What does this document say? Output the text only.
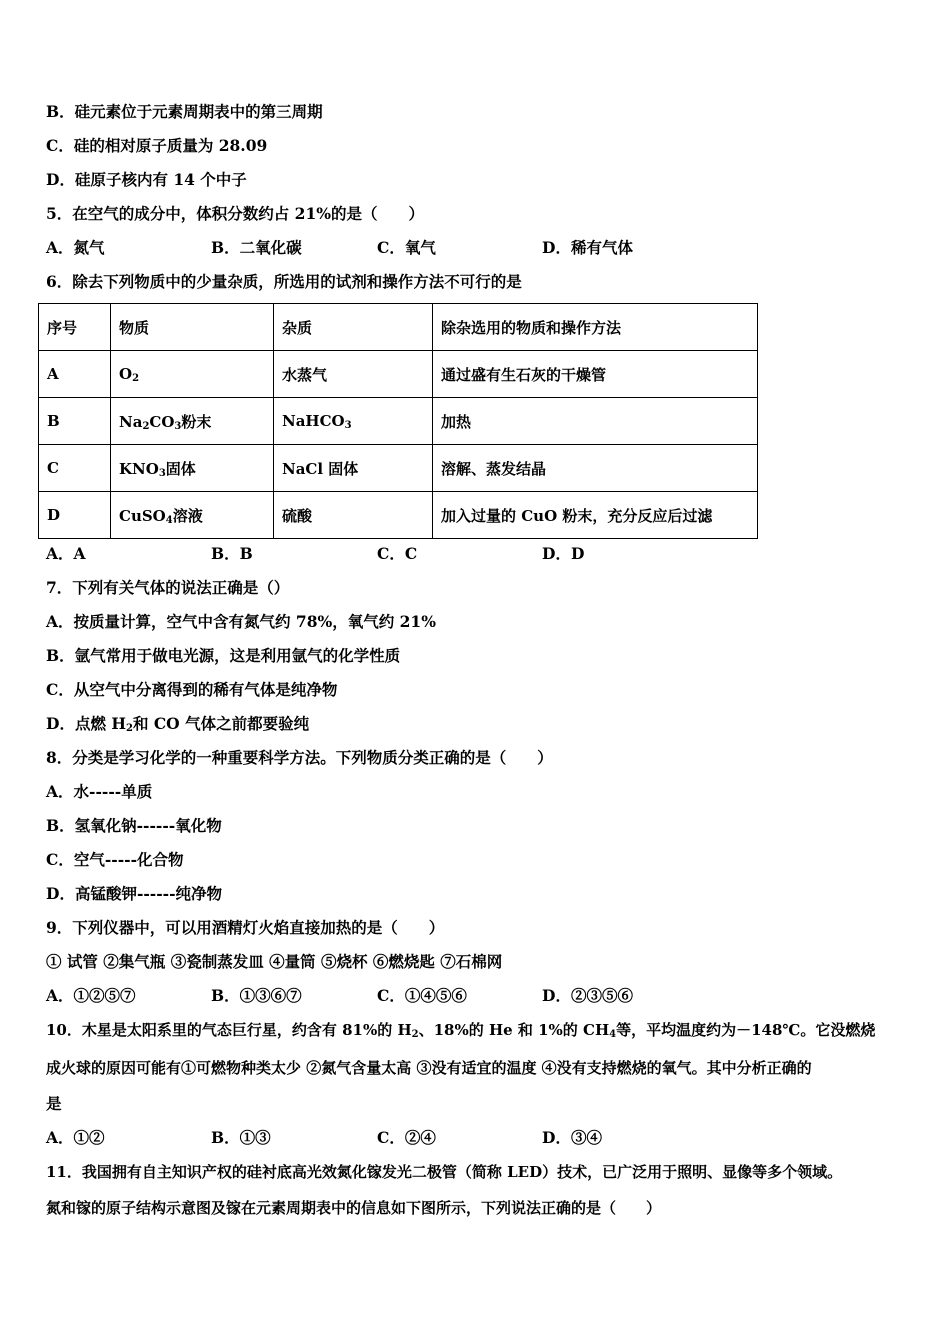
B．硅元素位于元素周期表中的第三周期
C．硅的相对原子质量为 28.09
D．硅原子核内有 14 个中子
5．在空气的成分中，体积分数约占 21%的是（　　）
A．氮气	B．二氧化碳	C．氧气	D．稀有气体
6．除去下列物质中的少量杂质，所选用的试剂和操作方法不可行的是
序号	物质	杂质	除杂选用的物质和操作方法
A	$O_2$	水蒸气	通过盛有生石灰的干燥管
B	$Na_2CO_3$粉末	NaHCO$_3$	加热
C	$KNO_3$固体	NaCl 固体	溶解、蒸发结晶
D	CuSO$_4$溶液	硫酸	加入过量的 CuO 粉末，充分反应后过滤
A．A	B．B	C．C	D．D
7．下列有关气体的说法正确是（）
A．按质量计算，空气中含有氮气约 78%，氧气约 21%
B．氩气常用于做电光源，这是利用氩气的化学性质
C．从空气中分离得到的稀有气体是纯净物
D．点燃 $H_2$和 CO 气体之前都要验纯
8．分类是学习化学的一种重要科学方法。下列物质分类正确的是（　　）
A．水-----单质
B．氢氧化钠------氧化物
C．空气-----化合物
D．高锰酸钾------纯净物
9．下列仪器中，可以用酒精灯火焰直接加热的是（　　）
① 试管 ②集气瓶 ③瓷制蒸发皿 ④量筒 ⑤烧杯 ⑥燃烧匙 ⑦石棉网
A．①②⑤⑦	B．①③⑥⑦	C．①④⑤⑥	D．②③⑤⑥
10．木星是太阳系里的气态巨行星，约含有 81%的 $H_2$、18%的 He 和 1%的 $CH_4$等，平均温度约为－148℃。它没燃烧
成火球的原因可能有①可燃物种类太少 ②氮气含量太高 ③没有适宜的温度 ④没有支持燃烧的氧气。其中分析正确的
是
A．①②	B．①③	C．②④	D．③④
11．我国拥有自主知识产权的硅衬底高光效氮化镓发光二极管（简称 LED）技术，已广泛用于照明、显像等多个领域。
氮和镓的原子结构示意图及镓在元素周期表中的信息如下图所示，下列说法正确的是（　　）
